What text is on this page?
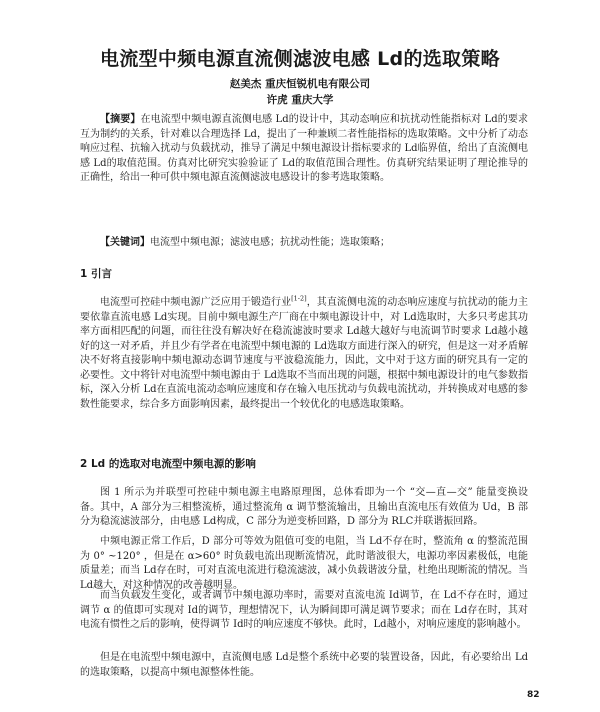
电流型中频电源直流侧滤波电感 Ld的选取策略

赵美杰 重庆恒锐机电有限公司

许虎 重庆大学

【摘要】在电流型中频电源直流侧电感 Ld的设计中，其动态响应和抗扰动性能指标对 Ld的要求互为制约的关系，针对难以合理选择 Ld，提出了一种兼顾二者性能指标的选取策略。文中分析了动态响应过程、抗输入扰动与负载扰动，推导了满足中频电源设计指标要求的 Ld临界值，给出了直流侧电感 Ld的取值范围。仿真对比研究实验验证了 Ld的取值范围合理性。仿真研究结果证明了理论推导的正确性，给出一种可供中频电源直流侧滤波电感设计的参考选取策略。

【关键词】电流型中频电源；滤波电感；抗扰动性能；选取策略；

1 引言

电流型可控硅中频电源广泛应用于锻造行业[1-2]，其直流侧电流的动态响应速度与抗扰动的能力主要依靠直流电感 Ld实现。目前中频电源生产厂商在中频电源设计中，对 Ld选取时，大多只考虑其功率方面相匹配的问题，而往往没有解决好在稳流滤波时要求 Ld越大越好与电流调节时要求 Ld越小越好的这一对矛盾，并且少有学者在电流型中频电源的 Ld选取方面进行深入的研究，但是这一对矛盾解决不好将直接影响中频电源动态调节速度与平波稳流能力，因此，文中对于这方面的研究具有一定的必要性。文中将针对电流型中频电源由于 Ld选取不当而出现的问题，根据中频电源设计的电气参数指标，深入分析 Ld在直流电流动态响应速度和存在输入电压扰动与负载电流扰动，并转换成对电感的参数性能要求，综合多方面影响因素，最终提出一个较优化的电感选取策略。

2 Ld 的选取对电流型中频电源的影响

图 1 所示为并联型可控硅中频电源主电路原理图，总体看即为一个 “交—直—交” 能量变换设备。其中，A 部分为三相整流桥，通过整流角 α 调节整流输出，且输出直流电压有效值为 Ud，B 部分为稳流滤波部分，由电感 Ld构成，C 部分为逆变桥回路，D 部分为 RLC并联谐振回路。

中频电源正常工作后，D 部分可等效为阻值可变的电阻，当 Ld不存在时，整流角 α 的整流范围为 0° ~120° ，但是在 α>60° 时负载电流出现断流情况，此时谐波很大，电源功率因素极低，电能质量差；而当 Ld存在时，可对直流电流进行稳流滤波，减小负载谐波分量，杜绝出现断流的情况。当 Ld越大，对这种情况的改善越明显。

而当负载发生变化，或者调节中频电源功率时，需要对直流电流 Id调节，在 Ld不存在时，通过调节 α 的值即可实现对 Id的调节，理想情况下，认为瞬间即可满足调节要求；而在 Ld存在时，其对电流有惯性之后的影响，使得调节 Id时的响应速度不够快。此时，Ld越小，对响应速度的影响越小。

但是在电流型中频电源中，直流侧电感 Ld是整个系统中必要的装置设备，因此，有必要给出 Ld的选取策略，以提高中频电源整体性能。

82
